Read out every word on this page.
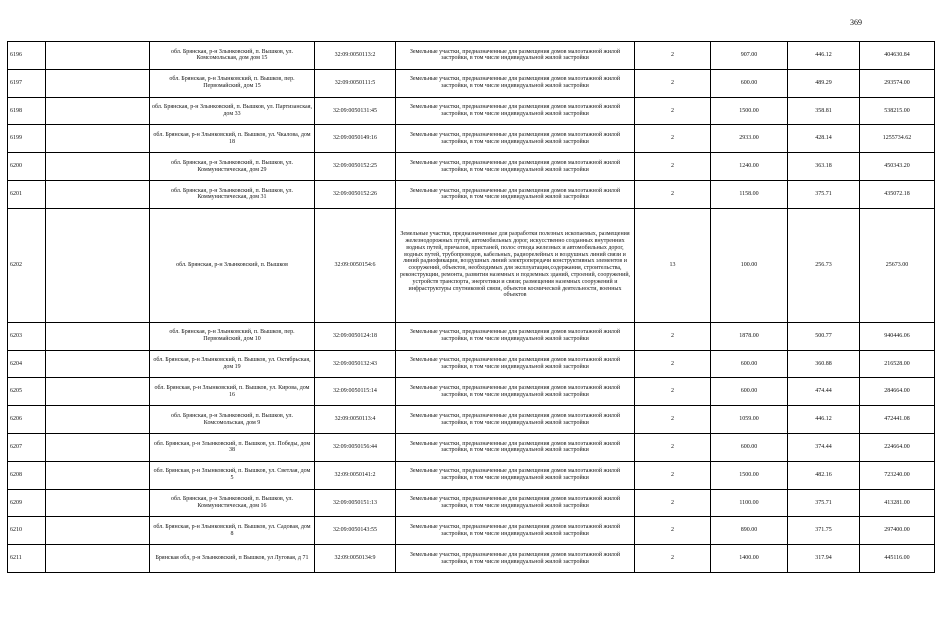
369
6196		обл. Брянская, р-н Злынковский, п. Вышков, ул. Комсомольская, дом дом 15	32:09:0050113:2	Земельные участки, предназначенные для размещения домов малоэтажной жилой застройки, в том числе индивидуальной жилой застройки	2	907.00	446.12	404630.84
6197		обл. Брянская, р-н Злынковский, п. Вышков, пер. Первомайский, дом 15	32:09:0050111:5	Земельные участки, предназначенные для размещения домов малоэтажной жилой застройки, в том числе индивидуальной жилой застройки	2	600.00	489.29	293574.00
6198		обл. Брянская, р-н Злынковский, п. Вышков, ул. Партизанская, дом 33	32:09:0050131:45	Земельные участки, предназначенные для размещения домов малоэтажной жилой застройки, в том числе индивидуальной жилой застройки	2	1500.00	358.81	538215.00
6199		обл. Брянская, р-н Злынковский, п. Вышков, ул. Чкалова, дом 18	32:09:0050149:16	Земельные участки, предназначенные для размещения домов малоэтажной жилой застройки, в том числе индивидуальной жилой застройки	2	2933.00	428.14	1255734.62
6200		обл. Брянская, р-н Злынковский, п. Вышков, ул. Коммунистическая, дом 29	32:09:0050152:25	Земельные участки, предназначенные для размещения домов малоэтажной жилой застройки, в том числе индивидуальной жилой застройки	2	1240.00	363.18	450343.20
6201		обл. Брянская, р-н Злынковский, п. Вышков, ул. Коммунистическая, дом 31	32:09:0050152:26	Земельные участки, предназначенные для размещения домов малоэтажной жилой застройки, в том числе индивидуальной жилой застройки	2	1158.00	375.71	435072.18
6202		обл. Брянская, р-н Злынковский, п. Вышков	32:09:0050154:6	Земельные участки, предназначенные для разработки полезных ископаемых, размещения железнодорожных путей, автомобильных дорог, искусственно созданных внутренних водных путей, причалов, пристаней, полос отвода железных и автомобильных дорог, водных путей, трубопроводов, кабельных, радиорелейных и воздушных линий связи и линий радиофикации, воздушных линий электропередачи конструктивных элементов и сооружений, объектов, необходимых для эксплуатации,содержания, строительства, реконструкции, ремонта, развития наземных и подземных зданий, строений, сооружений, устройств транспорта, энергетики и связи; размещения наземных сооружений и инфраструктуры спутниковой связи, объектов космической деятельности, военных объектов	13	100.00	256.73	25673.00
6203		обл. Брянская, р-н Злынковский, п. Вышков, пер. Первомайский, дом 10	32:09:0050124:18	Земельные участки, предназначенные для размещения домов малоэтажной жилой застройки, в том числе индивидуальной жилой застройки	2	1878.00	500.77	940446.06
6204		обл. Брянская, р-н Злынковский, п. Вышков, ул. Октябрьская, дом 19	32:09:0050132:43	Земельные участки, предназначенные для размещения домов малоэтажной жилой застройки, в том числе индивидуальной жилой застройки	2	600.00	360.88	216528.00
6205		обл. Брянская, р-н Злынковский, п. Вышков, ул. Кирова, дом 16	32:09:0050115:14	Земельные участки, предназначенные для размещения домов малоэтажной жилой застройки, в том числе индивидуальной жилой застройки	2	600.00	474.44	284664.00
6206		обл. Брянская, р-н Злынковский, п. Вышков, ул. Комсомольская, дом 9	32:09:0050113:4	Земельные участки, предназначенные для размещения домов малоэтажной жилой застройки, в том числе индивидуальной жилой застройки	2	1059.00	446.12	472441.08
6207		обл. Брянская, р-н Злынковский, п. Вышков, ул. Победы, дом 38	32:09:0050156:44	Земельные участки, предназначенные для размещения домов малоэтажной жилой застройки, в том числе индивидуальной жилой застройки	2	600.00	374.44	224664.00
6208		обл. Брянская, р-н Злынковский, п. Вышков, ул. Светлая, дом 5	32:09:0050141:2	Земельные участки, предназначенные для размещения домов малоэтажной жилой застройки, в том числе индивидуальной жилой застройки	2	1500.00	482.16	723240.00
6209		обл. Брянская, р-н Злынковский, п. Вышков, ул. Коммунистическая, дом 16	32:09:0050151:13	Земельные участки, предназначенные для размещения домов малоэтажной жилой застройки, в том числе индивидуальной жилой застройки	2	1100.00	375.71	413281.00
6210		обл. Брянская, р-н Злынковский, п. Вышков, ул. Садовая, дом 8	32:09:0050143:55	Земельные участки, предназначенные для размещения домов малоэтажной жилой застройки, в том числе индивидуальной жилой застройки	2	890.00	371.75	297400.00
6211		Брянская обл, р-н Злынковский, п Вышков, ул Луговая, д 71	32:09:0050134:9	Земельные участки, предназначенные для размещения домов малоэтажной жилой застройки, в том числе индивидуальной жилой застройки	2	1400.00	317.94	445116.00
